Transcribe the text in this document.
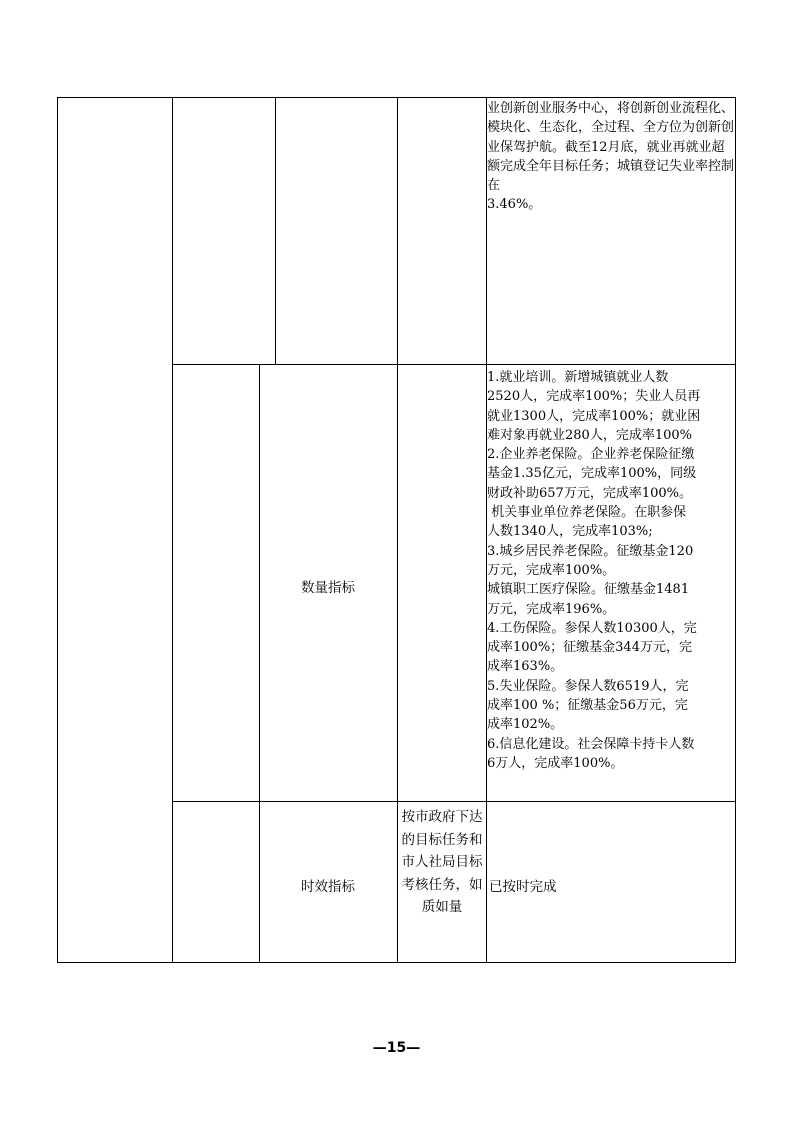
业创新创业服务中心，将创新创业流程化、模块化、生态化，全过程、全方位为创新创业保驾护航。截至12月底，就业再就业超额完成全年目标任务；城镇登记失业率控制在
3.46%。
数量指标
1.就业培训。新增城镇就业人数
2520人，完成率100%；失业人员再
就业1300人，完成率100%；就业困
难对象再就业280人，完成率100%
2.企业养老保险。企业养老保险征缴
基金1.35亿元，完成率100%，同级
财政补助657万元，完成率100%。
机关事业单位养老保险。在职参保
人数1340人，完成率103%;
3.城乡居民养老保险。征缴基金120
万元，完成率100%。
城镇职工医疗保险。征缴基金1481
万元，完成率196%。
4.工伤保险。参保人数10300人，完
成率100%；征缴基金344万元，完
成率163%。
5.失业保险。参保人数6519人，完
成率100 %；征缴基金56万元，完
成率102%。
6.信息化建设。社会保障卡持卡人数
6万人，完成率100%。
按市政府下达的目标任务和市人社局目标考核任务，如质如量
时效指标	已按时完成
—15—
